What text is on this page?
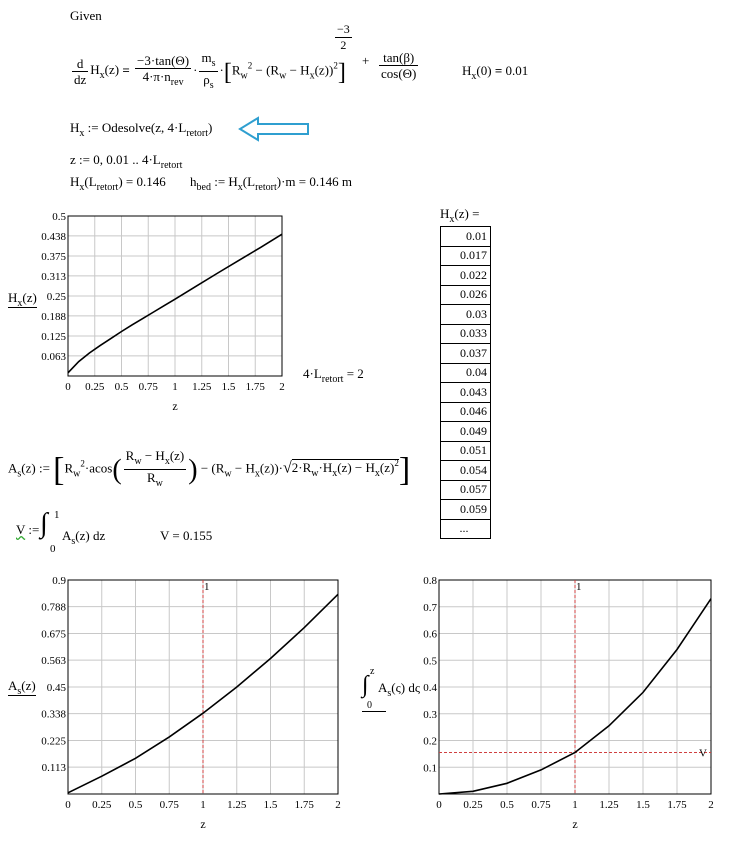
Given
$\frac{d}{dz} H_x(z) = \frac{-3\cdot\tan(\Theta)}{4\cdot\pi\cdot n_{rev}} \cdot \frac{m_s}{\rho_s} \cdot[R_w^2 - (R_w - H_x(z))^2]$
$\frac{-3}{2}$
+ $\frac{\tan(\beta)}{\cos(\Theta)}$	$H_x(0) = 0.01$
$H_x$ := Odesolve(z, $4\cdot L_{retort}$)
z := 0, 0.01 .. $4\cdot L_{retort}$
$H_x(L_{retort}) = 0.146$ $h_{bed}$ := $H_x(L_{retort})\cdot m = 0.146$ m
0 0.25 0.5 0.75 1 1.25 1.5 1.75 2
0.063
0.125
0.188
0.25
0.313
0.375
0.438
0.5
z
$H_x(z)$
$4\cdot L_{retort} = 2$
$H_x(z)$ =
0.01
0.017
0.022
0.026
0.03
0.033
0.037
0.04
0.043
0.046
0.049
0.051
0.054
0.057
0.059
...
$A_s(z)$ := [$R_w^2\cdot acos( \frac{R_w - H_x(z)}{R_w}$ ) − $(R_w - H_x(z))\cdot√2\cdot R_w\cdot H_x(z) - H_x(z)^2$]
V := ∫ 1
0
$A_s(z)$ dz	V = 0.155
0 0.25 0.5 0.75 1 1.25 1.5 1.75 2
0.113
0.225
0.338
0.45
0.563
0.675
0.788
0.9	1
z
$A_s(z)$
0 0.25 0.5 0.75 1 1.25 1.5 1.75 2
0.1
0.2
0.3
0.4
0.5
0.6
0.7
0.8	1
V
z
∫
z
0
$A_s(\varsigma)$ dς
